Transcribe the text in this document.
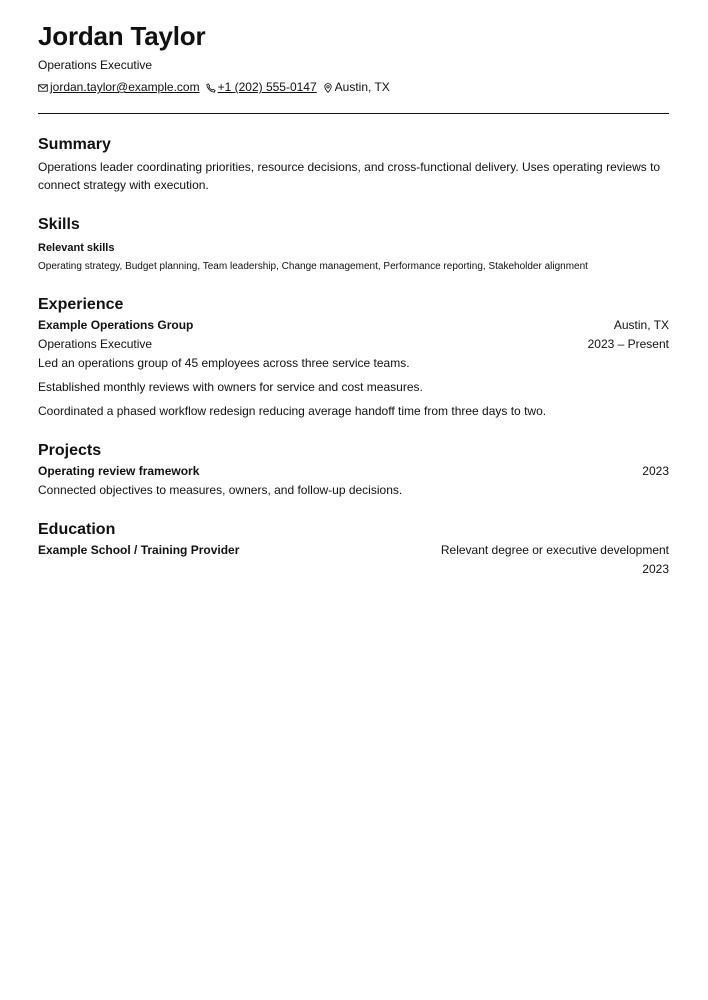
Jordan Taylor
Operations Executive
jordan.taylor@example.com +1 (202) 555-0147 Austin, TX
Summary

Operations leader coordinating priorities, resource decisions, and cross-functional delivery. Uses operating reviews to connect strategy with execution.

Skills
Relevant skills
Operating strategy, Budget planning, Team leadership, Change management, Performance reporting, Stakeholder alignment
Experience
Example Operations Group	Austin, TX
Operations Executive	2023 – Present
Led an operations group of 45 employees across three service teams.
Established monthly reviews with owners for service and cost measures.
Coordinated a phased workflow redesign reducing average handoff time from three days to two.
Projects
Operating review framework	2023

Connected objectives to measures, owners, and follow-up decisions.

Education
Example School / Training Provider	Relevant degree or executive development
2023
